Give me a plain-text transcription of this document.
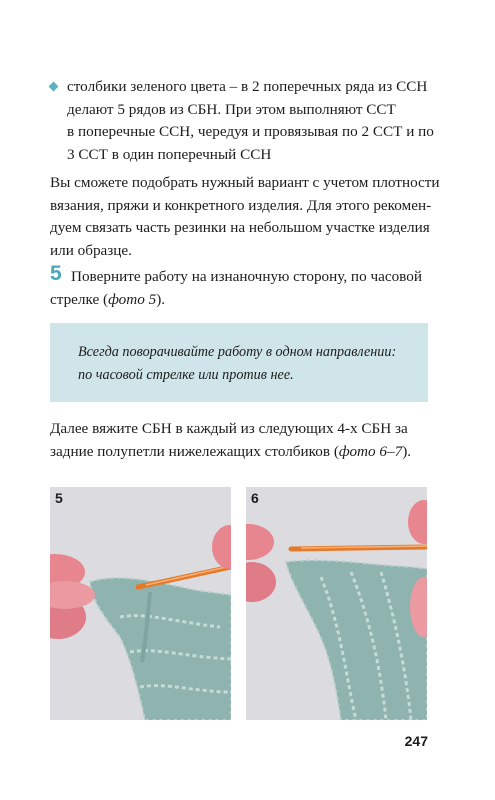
столбики зеленого цвета – в 2 поперечных ряда из ССН
делают 5 рядов из СБН. При этом выполняют ССТ
в поперечные ССН, чередуя и провязывая по 2 ССТ и по
3 ССТ в один поперечный ССН
Вы сможете подобрать нужный вариант с учетом плотности
вязания, пряжи и конкретного изделия. Для этого рекомен-
дуем связать часть резинки на небольшом участке изделия
или образце.
5 Поверните работу на изнаночную сторону, по часовой
стрелке (фото 5).
Всегда поворачивайте работу в одном направлении:
по часовой стрелке или против нее.
Далее вяжите СБН в каждый из следующих 4-х СБН за
задние полупетли нижележащих столбиков (фото 6–7).
5	6
247
